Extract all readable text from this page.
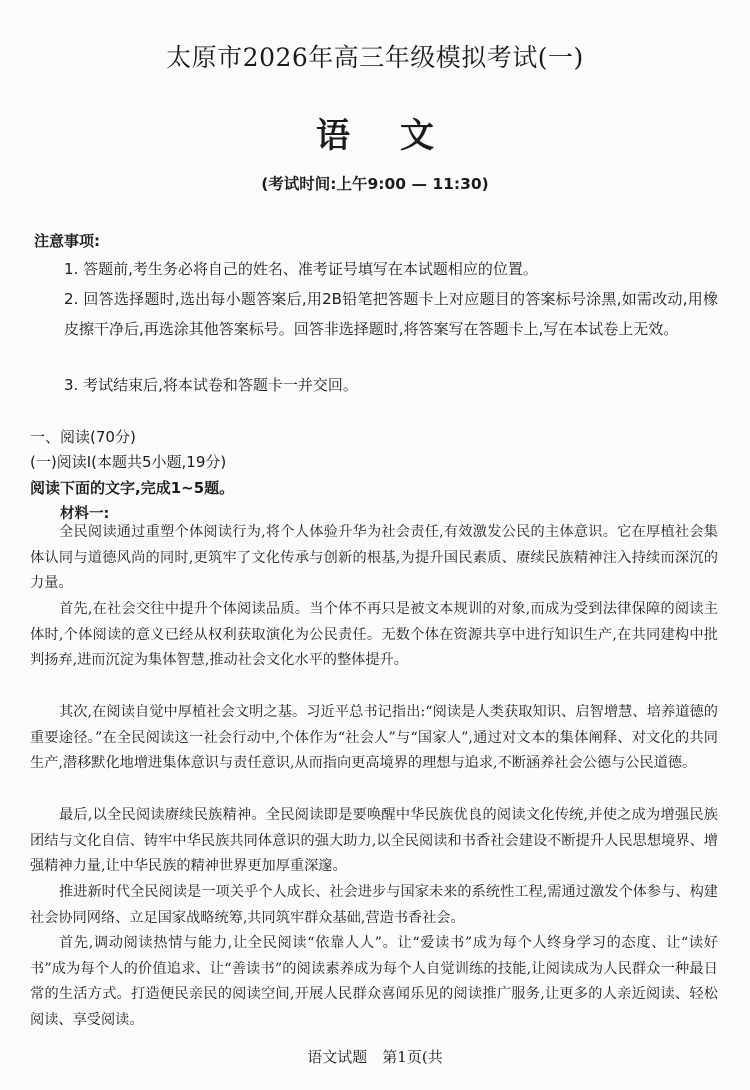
太原市2026年高三年级模拟考试(一)
语 文
(考试时间:上午9:00 — 11:30)
注意事项:
1. 答题前,考生务必将自己的姓名、准考证号填写在本试题相应的位置。
2. 回答选择题时,选出每小题答案后,用2B铅笔把答题卡上对应题目的答案标号涂黑,如需改动,用橡皮擦干净后,再选涂其他答案标号。回答非选择题时,将答案写在答题卡上,写在本试卷上无效。
3. 考试结束后,将本试卷和答题卡一并交回。
一、阅读(70分)
(一)阅读Ⅰ(本题共5小题,19分)
阅读下面的文字,完成1~5题。
材料一:
全民阅读通过重塑个体阅读行为,将个人体验升华为社会责任,有效激发公民的主体意识。它在厚植社会集体认同与道德风尚的同时,更筑牢了文化传承与创新的根基,为提升国民素质、赓续民族精神注入持续而深沉的力量。
首先,在社会交往中提升个体阅读品质。当个体不再只是被文本规训的对象,而成为受到法律保障的阅读主体时,个体阅读的意义已经从权利获取演化为公民责任。无数个体在资源共享中进行知识生产,在共同建构中批判扬弃,进而沉淀为集体智慧,推动社会文化水平的整体提升。
其次,在阅读自觉中厚植社会文明之基。习近平总书记指出:“阅读是人类获取知识、启智增慧、培养道德的重要途径。”在全民阅读这一社会行动中,个体作为“社会人”与“国家人”,通过对文本的集体阐释、对文化的共同生产,潜移默化地增进集体意识与责任意识,从而指向更高境界的理想与追求,不断涵养社会公德与公民道德。
最后,以全民阅读赓续民族精神。全民阅读即是要唤醒中华民族优良的阅读文化传统,并使之成为增强民族团结与文化自信、铸牢中华民族共同体意识的强大助力,以全民阅读和书香社会建设不断提升人民思想境界、增强精神力量,让中华民族的精神世界更加厚重深邃。
推进新时代全民阅读是一项关乎个人成长、社会进步与国家未来的系统性工程,需通过激发个体参与、构建社会协同网络、立足国家战略统筹,共同筑牢群众基础,营造书香社会。
首先,调动阅读热情与能力,让全民阅读“依靠人人”。让“爱读书”成为每个人终身学习的态度、让“读好书”成为每个人的价值追求、让“善读书”的阅读素养成为每个人自觉训练的技能,让阅读成为人民群众一种最日常的生活方式。打造便民亲民的阅读空间,开展人民群众喜闻乐见的阅读推广服务,让更多的人亲近阅读、轻松阅读、享受阅读。
语文试题　第1页(共
